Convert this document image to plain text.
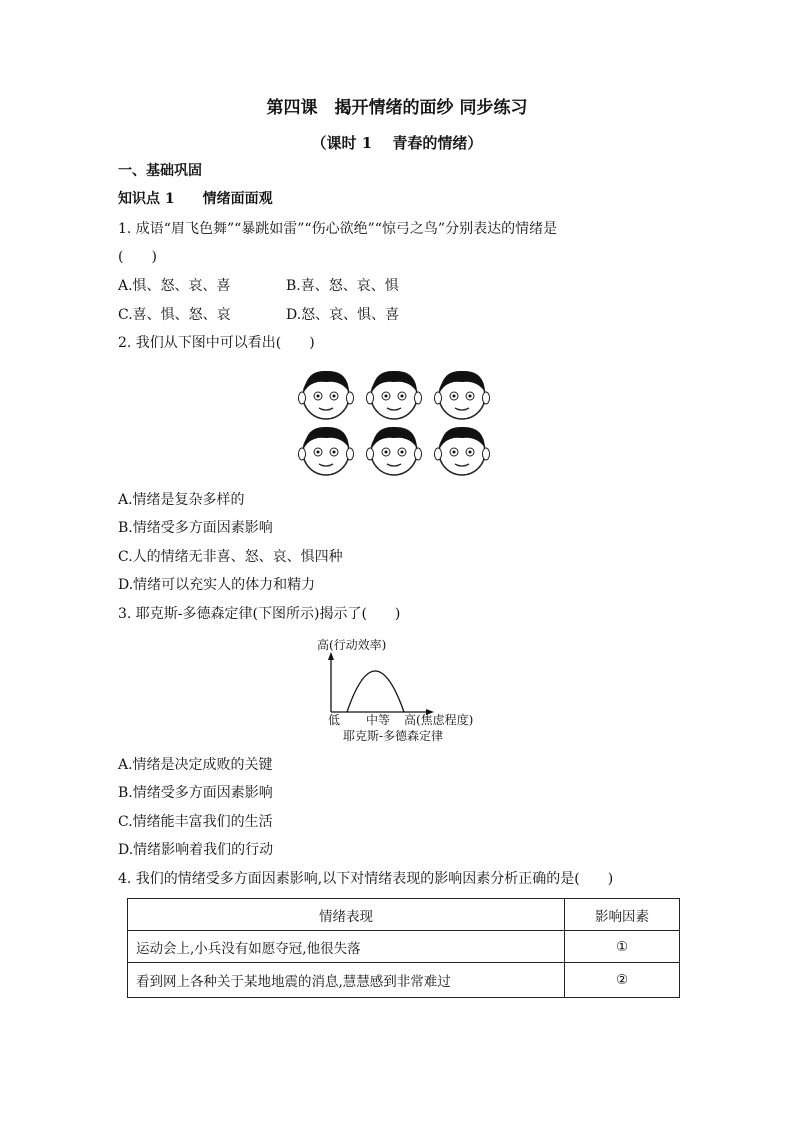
第四课　揭开情绪的面纱 同步练习
（课时 1　 青春的情绪）
一、基础巩固
知识点 1　　情绪面面观
1. 成语“眉飞色舞”“暴跳如雷”“伤心欲绝”“惊弓之鸟”分别表达的情绪是
(　　)
A.惧、怒、哀、喜	B.喜、怒、哀、惧
C.喜、惧、怒、哀	D.怒、哀、惧、喜
2. 我们从下图中可以看出(　　)
A.情绪是复杂多样的
B.情绪受多方面因素影响
C.人的情绪无非喜、怒、哀、惧四种
D.情绪可以充实人的体力和精力
3. 耶克斯-多德森定律(下图所示)揭示了(　　)
高(行动效率)
低 中等 高(焦虑程度)
耶克斯-多德森定律
A.情绪是决定成败的关键
B.情绪受多方面因素影响
C.情绪能丰富我们的生活
D.情绪影响着我们的行动
4. 我们的情绪受多方面因素影响,以下对情绪表现的影响因素分析正确的是(　　)
情绪表现	影响因素
运动会上,小兵没有如愿夺冠,他很失落	①
看到网上各种关于某地地震的消息,慧慧感到非常难过	②
